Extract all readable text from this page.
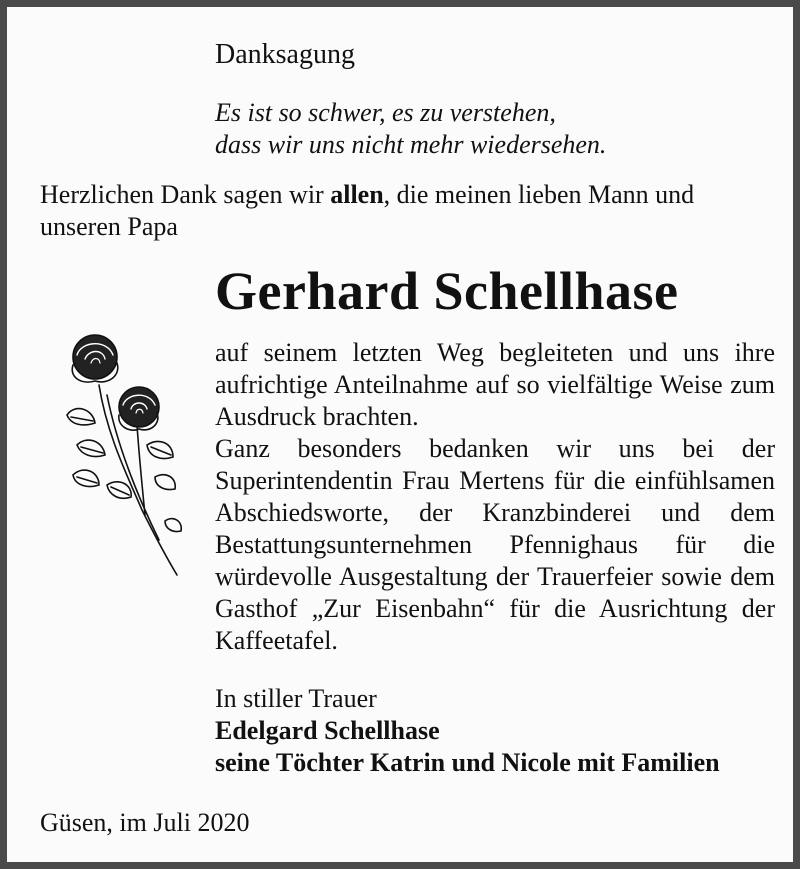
Danksagung
Es ist so schwer, es zu verstehen,
dass wir uns nicht mehr wiedersehen.
Herzlichen Dank sagen wir allen, die meinen lieben Mann und unseren Papa
Gerhard Schellhase

auf seinem letzten Weg begleiteten und uns ihre aufrichtige Anteilnahme auf so vielfältige Weise zum Ausdruck brachten.

Ganz besonders bedanken wir uns bei der Superintendentin Frau Mertens für die einfühlsamen Abschiedsworte, der Kranzbinderei und dem Bestattungsunternehmen Pfennighaus für die würdevolle Ausgestaltung der Trauerfeier sowie dem Gasthof „Zur Eisenbahn“ für die Ausrichtung der Kaffeetafel.

In stiller Trauer
Edelgard Schellhase
seine Töchter Katrin und Nicole mit Familien
Güsen, im Juli 2020
